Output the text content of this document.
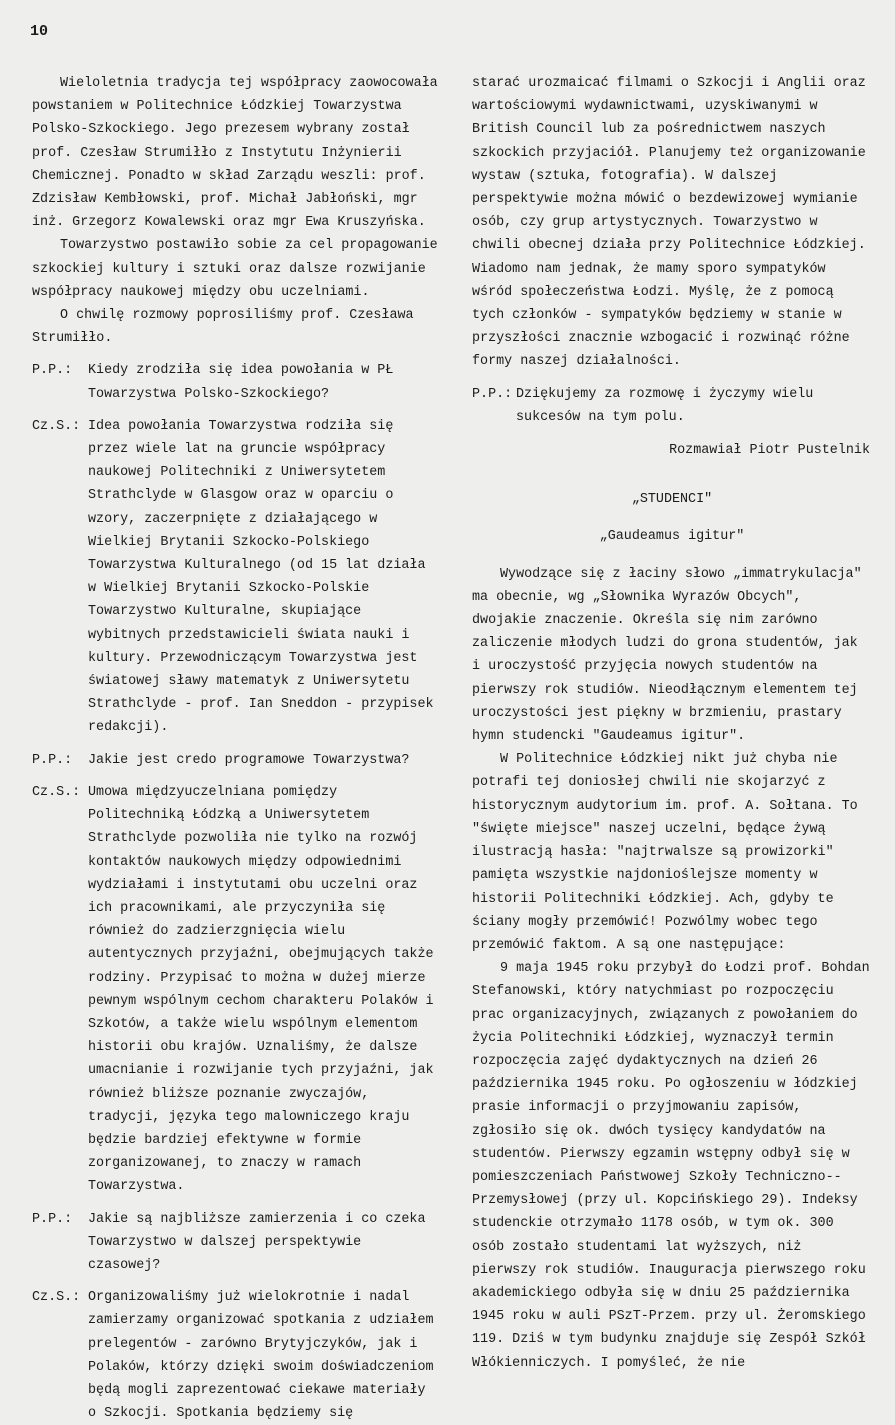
10

Wieloletnia tradycja tej współpracy zaowocowała powstaniem w Politechnice Łódzkiej Towarzystwa Polsko-Szkockiego. Jego prezesem wybrany został prof. Czesław Strumiłło z Instytutu Inżynierii Chemicznej. Ponadto w skład Zarządu weszli: prof. Zdzisław Kembłowski, prof. Michał Jabłoński, mgr inż. Grzegorz Kowalewski oraz mgr Ewa Kruszyńska.

Towarzystwo postawiło sobie za cel propagowanie szkockiej kultury i sztuki oraz dalsze rozwijanie współpracy naukowej między obu uczelniami.

O chwilę rozmowy poprosiliśmy prof. Czesława Strumiłło.

P.P.:	Kiedy zrodziła się idea powołania w PŁ Towarzystwa Polsko-Szkockiego?
Cz.S.: Idea powołania Towarzystwa rodziła się przez wiele lat na gruncie współpracy naukowej Politechniki z Uniwersytetem Strathclyde w Glasgow oraz w oparciu o wzory, zaczerpnięte z działającego w Wielkiej Brytanii Szkocko-Polskiego Towarzystwa Kulturalnego (od 15 lat działa w Wielkiej Brytanii Szkocko-Polskie Towarzystwo Kulturalne, skupiające wybitnych przedstawicieli świata nauki i kultury. Przewodniczącym Towarzystwa jest światowej sławy matematyk z Uniwersytetu Strathclyde - prof. Ian Sneddon - przypisek redakcji).
P.P.:	Jakie jest credo programowe Towarzystwa?
Cz.S.: Umowa międzyuczelniana pomiędzy Politechniką Łódzką a Uniwersytetem Strathclyde pozwoliła nie tylko na rozwój kontaktów naukowych między odpowiednimi wydziałami i instytutami obu uczelni oraz ich pracownikami, ale przyczyniła się również do zadzierzgnięcia wielu autentycznych przyjaźni, obejmujących także rodziny. Przypisać to można w dużej mierze pewnym wspólnym cechom charakteru Polaków i Szkotów, a także wielu wspólnym elementom historii obu krajów. Uznaliśmy, że dalsze umacnianie i rozwijanie tych przyjaźni, jak również bliższe poznanie zwyczajów, tradycji, języka tego malowniczego kraju będzie bardziej efektywne w formie zorganizowanej, to znaczy w ramach Towarzystwa.
P.P.:	Jakie są najbliższe zamierzenia i co czeka Towarzystwo w dalszej perspektywie czasowej?
Cz.S.: Organizowaliśmy już wielokrotnie i nadal zamierzamy organizować spotkania z udziałem prelegentów - zarówno Brytyjczyków, jak i Polaków, którzy dzięki swoim doświadczeniom będą mogli zaprezentować ciekawe materiały o Szkocji. Spotkania będziemy się

starać urozmaicać filmami o Szkocji i Anglii oraz wartościowymi wydawnictwami, uzyskiwanymi w British Council lub za pośrednictwem naszych szkockich przyjaciół. Planujemy też organizowanie wystaw (sztuka, fotografia). W dalszej perspektywie można mówić o bezdewizowej wymianie osób, czy grup artystycznych. Towarzystwo w chwili obecnej działa przy Politechnice Łódzkiej. Wiadomo nam jednak, że mamy sporo sympatyków wśród społeczeństwa Łodzi. Myślę, że z pomocą tych członków - sympatyków będziemy w stanie w przyszłości znacznie wzbogacić i rozwinąć różne formy naszej działalności.

P.P.: Dziękujemy za rozmowę i życzymy wielu sukcesów na tym polu.

Rozmawiał Piotr Pustelnik

„STUDENCI"

„Gaudeamus igitur"

Wywodzące się z łaciny słowo „immatrykulacja" ma obecnie, wg „Słownika Wyrazów Obcych", dwojakie znaczenie. Określa się nim zarówno zaliczenie młodych ludzi do grona studentów, jak i uroczystość przyjęcia nowych studentów na pierwszy rok studiów. Nieodłącznym elementem tej uroczystości jest piękny w brzmieniu, prastary hymn studencki "Gaudeamus igitur".

W Politechnice Łódzkiej nikt już chyba nie potrafi tej doniosłej chwili nie skojarzyć z historycznym audytorium im. prof. A. Sołtana. To "święte miejsce" naszej uczelni, będące żywą ilustracją hasła: "najtrwalsze są prowizorki" pamięta wszystkie najdonioślejsze momenty w historii Politechniki Łódzkiej. Ach, gdyby te ściany mogły przemówić! Pozwólmy wobec tego przemówić faktom. A są one następujące:

9 maja 1945 roku przybył do Łodzi prof. Bohdan Stefanowski, który natychmiast po rozpoczęciu prac organizacyjnych, związanych z powołaniem do życia Politechniki Łódzkiej, wyznaczył termin rozpoczęcia zajęć dydaktycznych na dzień 26 października 1945 roku. Po ogłoszeniu w łódzkiej prasie informacji o przyjmowaniu zapisów, zgłosiło się ok. dwóch tysięcy kandydatów na studentów. Pierwszy egzamin wstępny odbył się w pomieszczeniach Państwowej Szkoły Techniczno--Przemysłowej (przy ul. Kopcińskiego 29). Indeksy studenckie otrzymało 1178 osób, w tym ok. 300 osób zostało studentami lat wyższych, niż pierwszy rok studiów. Inauguracja pierwszego roku akademickiego odbyła się w dniu 25 października 1945 roku w auli PSzT-Przem. przy ul. Żeromskiego 119. Dziś w tym budynku znajduje się Zespół Szkół Włókienniczych. I pomyśleć, że nie
